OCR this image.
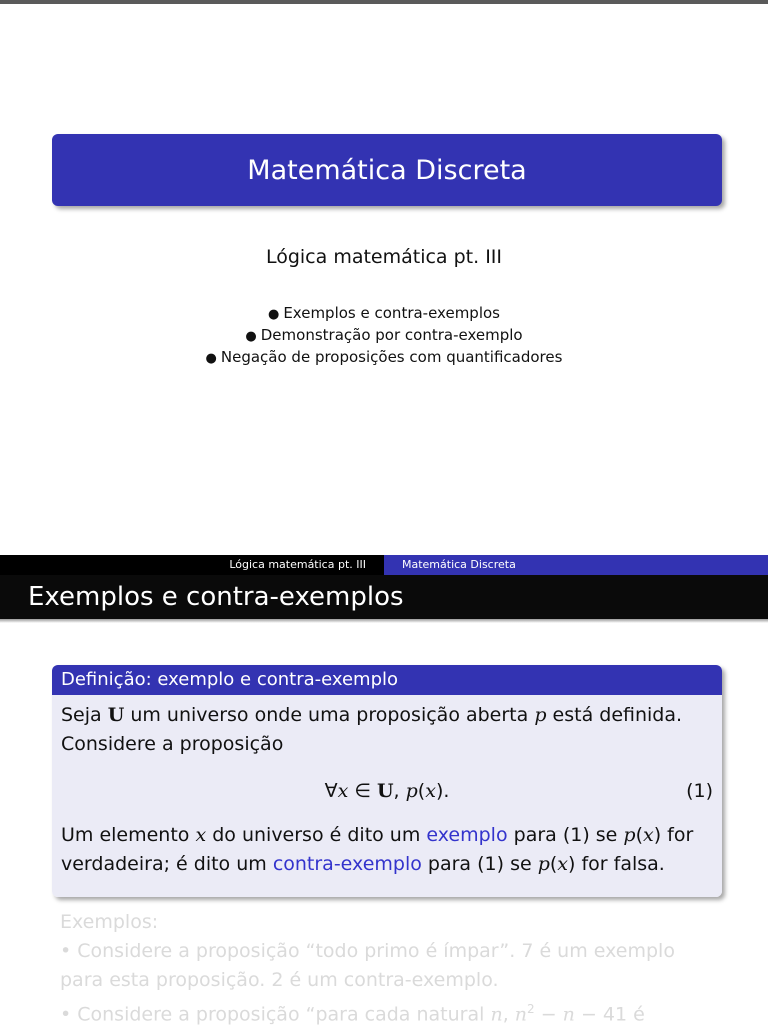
Matemática Discreta
Lógica matemática pt. III
● Exemplos e contra-exemplos
● Demonstração por contra-exemplo
● Negação de proposições com quantificadores
Lógica matemática pt. III	Matemática Discreta
Exemplos e contra-exemplos
Definição: exemplo e contra-exemplo
Seja U um universo onde uma proposição aberta p está definida.
Considere a proposição
∀x ∈ U, p(x).	(1)
Um elemento x do universo é dito um exemplo para (1) se p(x) for
verdadeira; é dito um contra-exemplo para (1) se p(x) for falsa.
Exemplos:
• Considere a proposição “todo primo é ímpar”. 7 é um exemplo
para esta proposição. 2 é um contra-exemplo.
• Considere a proposição “para cada natural n, $n^2 - n - 41$ é
